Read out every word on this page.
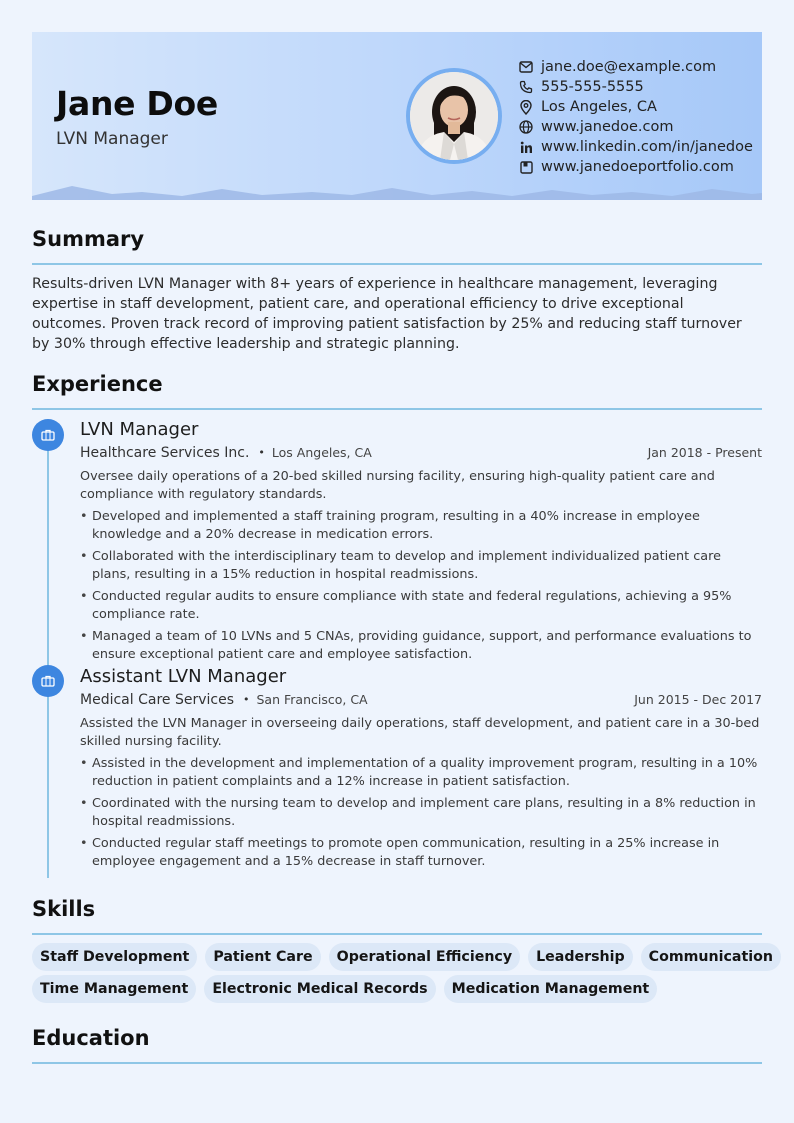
Jane Doe
LVN Manager
jane.doe@example.com
555-555-5555
Los Angeles, CA
www.janedoe.com
www.linkedin.com/in/janedoe
www.janedoeportfolio.com
Summary

Results-driven LVN Manager with 8+ years of experience in healthcare management, leveraging expertise in staff development, patient care, and operational efficiency to drive exceptional outcomes. Proven track record of improving patient satisfaction by 25% and reducing staff turnover by 30% through effective leadership and strategic planning.

Experience
LVN Manager
Healthcare Services Inc. • Los Angeles, CA	Jan 2018 - Present

Oversee daily operations of a 20-bed skilled nursing facility, ensuring high-quality patient care and compliance with regulatory standards.

• Developed and implemented a staff training program, resulting in a 40% increase in employee knowledge and a 20% decrease in medication errors.
• Collaborated with the interdisciplinary team to develop and implement individualized patient care plans, resulting in a 15% reduction in hospital readmissions.
• Conducted regular audits to ensure compliance with state and federal regulations, achieving a 95% compliance rate.
• Managed a team of 10 LVNs and 5 CNAs, providing guidance, support, and performance evaluations to ensure exceptional patient care and employee satisfaction.
Assistant LVN Manager
Medical Care Services • San Francisco, CA	Jun 2015 - Dec 2017

Assisted the LVN Manager in overseeing daily operations, staff development, and patient care in a 30-bed skilled nursing facility.

• Assisted in the development and implementation of a quality improvement program, resulting in a 10% reduction in patient complaints and a 12% increase in patient satisfaction.
• Coordinated with the nursing team to develop and implement care plans, resulting in a 8% reduction in hospital readmissions.
• Conducted regular staff meetings to promote open communication, resulting in a 25% increase in employee engagement and a 15% decrease in staff turnover.
Skills
Staff Development	Patient Care	Operational Efficiency	Leadership	Communication
Time Management	Electronic Medical Records	Medication Management
Education
